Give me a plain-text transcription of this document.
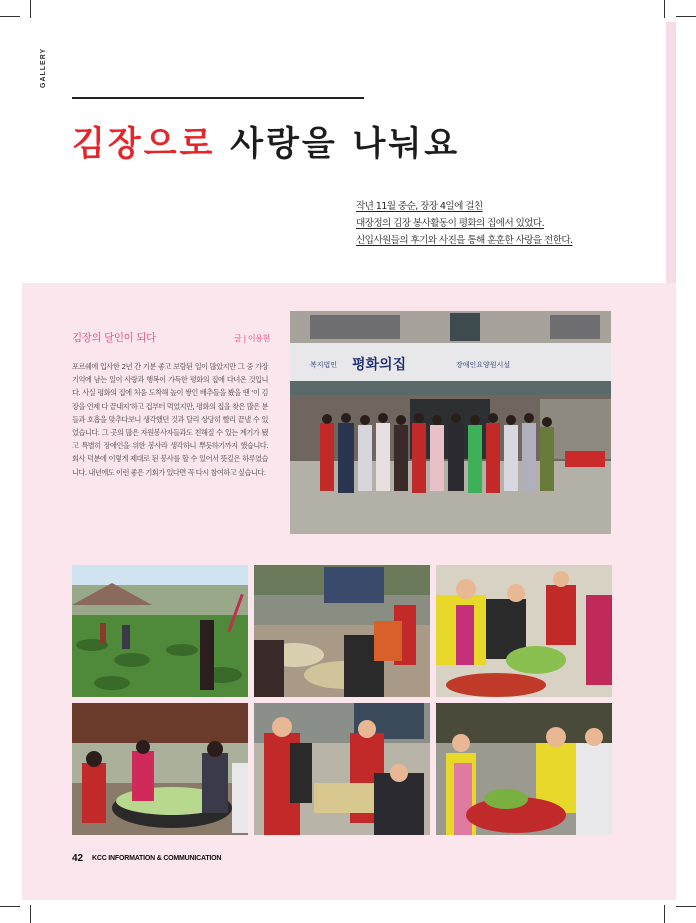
GALLERY
김장으로 사랑을 나눠요
작년 11월 중순, 장장 4일에 걸친
대장정의 김장 봉사활동이 평화의 집에서 있었다.
신입사원들의 후기와 사진을 통해 훈훈한 사랑을 전한다.
김장의 달인이 되다	글 | 이용현

포르쉐에 입사한 2년 간 기분 좋고 보람된 일이 많았지만 그 중 가장 기억에 남는 일이 사랑과 행복이 가득한 평화의 집에 다녀온 것입니다. 사실 평화의 집에 처음 도착해 높이 쌓인 배추들을 봤을 땐 ‘이 김장을 언제 다 끝내지’하고 겁부터 먹었지만, 평화의 집을 찾은 많은 분들과 호흡을 맞추다보니 생각했던 것과 달리 상당히 빨리 끝낼 수 있었습니다. 그 곳의 많은 자원봉사자들과도 친해질 수 있는 계기가 됐고 특별히 장애인을 위한 봉사라 생각하니 뿌듯하기까지 했습니다. 회사 덕분에 이렇게 제대로 된 봉사를 할 수 있어서 뜻깊은 하루였습니다. 내년에도 이런 좋은 기회가 있다면 꼭 다시 참여하고 싶습니다.

복지법인 평화의집	장애인요양원시설
42 KCC INFORMATION & COMMUNICATION
